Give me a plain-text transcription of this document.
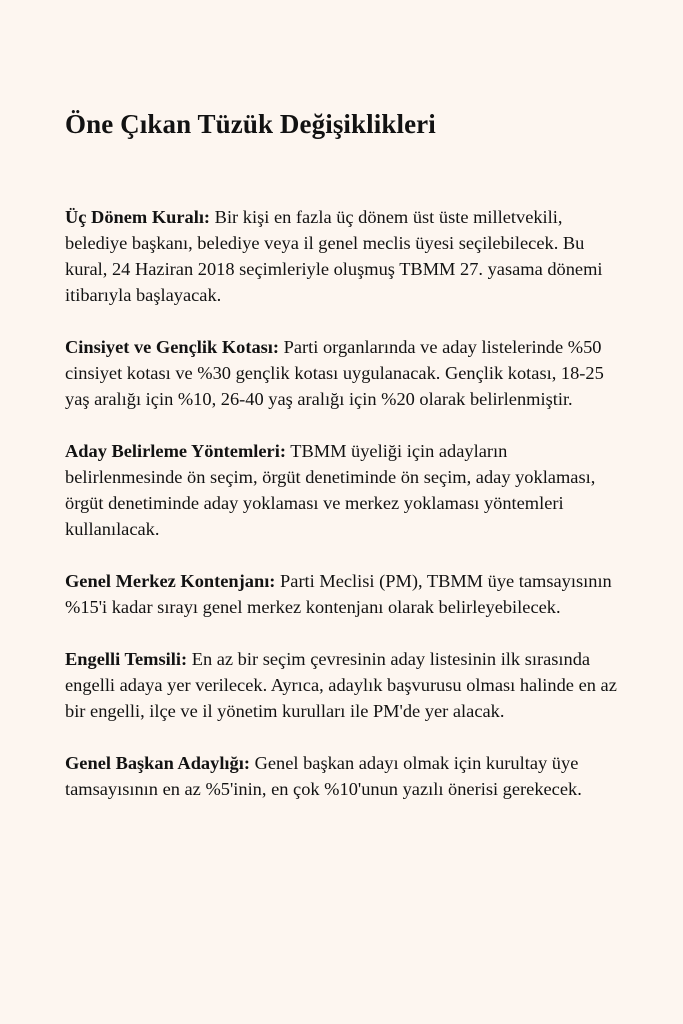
Öne Çıkan Tüzük Değişiklikleri

Üç Dönem Kuralı: Bir kişi en fazla üç dönem üst üste milletvekili, belediye başkanı, belediye veya il genel meclis üyesi seçilebilecek. Bu kural, 24 Haziran 2018 seçimleriyle oluşmuş TBMM 27. yasama dönemi itibarıyla başlayacak.

Cinsiyet ve Gençlik Kotası: Parti organlarında ve aday listelerinde %50 cinsiyet kotası ve %30 gençlik kotası uygulanacak. Gençlik kotası, 18-25 yaş aralığı için %10, 26-40 yaş aralığı için %20 olarak belirlenmiştir.

Aday Belirleme Yöntemleri: TBMM üyeliği için adayların belirlenmesinde ön seçim, örgüt denetiminde ön seçim, aday yoklaması, örgüt denetiminde aday yoklaması ve merkez yoklaması yöntemleri kullanılacak.

Genel Merkez Kontenjanı: Parti Meclisi (PM), TBMM üye tamsayısının %15'i kadar sırayı genel merkez kontenjanı olarak belirleyebilecek.

Engelli Temsili: En az bir seçim çevresinin aday listesinin ilk sırasında engelli adaya yer verilecek. Ayrıca, adaylık başvurusu olması halinde en az bir engelli, ilçe ve il yönetim kurulları ile PM'de yer alacak.

Genel Başkan Adaylığı: Genel başkan adayı olmak için kurultay üye tamsayısının en az %5'inin, en çok %10'unun yazılı önerisi gerekecek.
